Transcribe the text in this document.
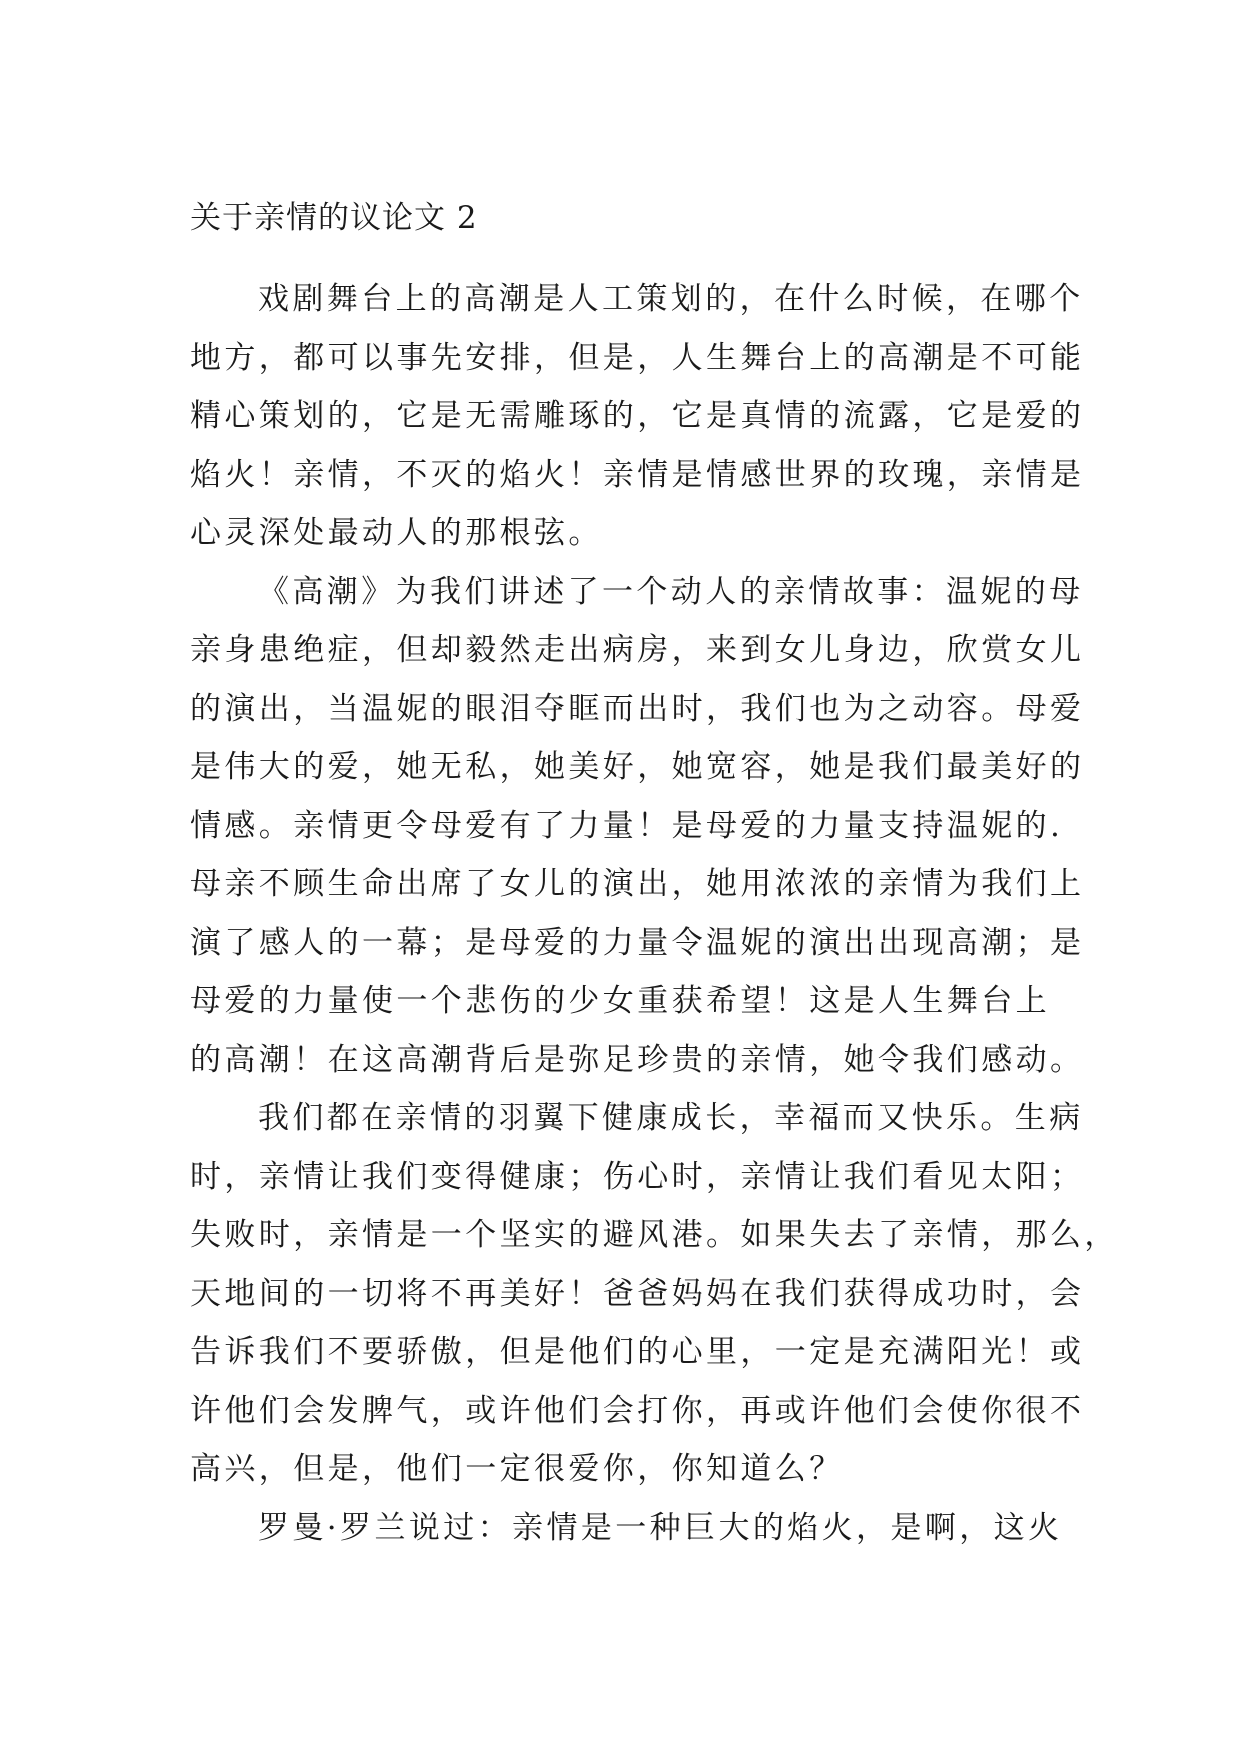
关于亲情的议论文 2

戏剧舞台上的高潮是人工策划的，在什么时候，在哪个
地方，都可以事先安排，但是，人生舞台上的高潮是不可能
精心策划的，它是无需雕琢的，它是真情的流露，它是爱的
焰火！亲情，不灭的焰火！亲情是情感世界的玫瑰，亲情是
心灵深处最动人的那根弦。

《高潮》为我们讲述了一个动人的亲情故事：温妮的母
亲身患绝症，但却毅然走出病房，来到女儿身边，欣赏女儿
的演出，当温妮的眼泪夺眶而出时，我们也为之动容。母爱
是伟大的爱，她无私，她美好，她宽容，她是我们最美好的
情感。亲情更令母爱有了力量！是母爱的力量支持温妮的.
母亲不顾生命出席了女儿的演出，她用浓浓的亲情为我们上
演了感人的一幕；是母爱的力量令温妮的演出出现高潮；是
母爱的力量使一个悲伤的少女重获希望！这是人生舞台上
的高潮！在这高潮背后是弥足珍贵的亲情，她令我们感动。

我们都在亲情的羽翼下健康成长，幸福而又快乐。生病
时，亲情让我们变得健康；伤心时，亲情让我们看见太阳；
失败时，亲情是一个坚实的避风港。如果失去了亲情，那么，
天地间的一切将不再美好！爸爸妈妈在我们获得成功时，会
告诉我们不要骄傲，但是他们的心里，一定是充满阳光！或
许他们会发脾气，或许他们会打你，再或许他们会使你很不
高兴，但是，他们一定很爱你，你知道么？

罗曼·罗兰说过：亲情是一种巨大的焰火，是啊，这火
